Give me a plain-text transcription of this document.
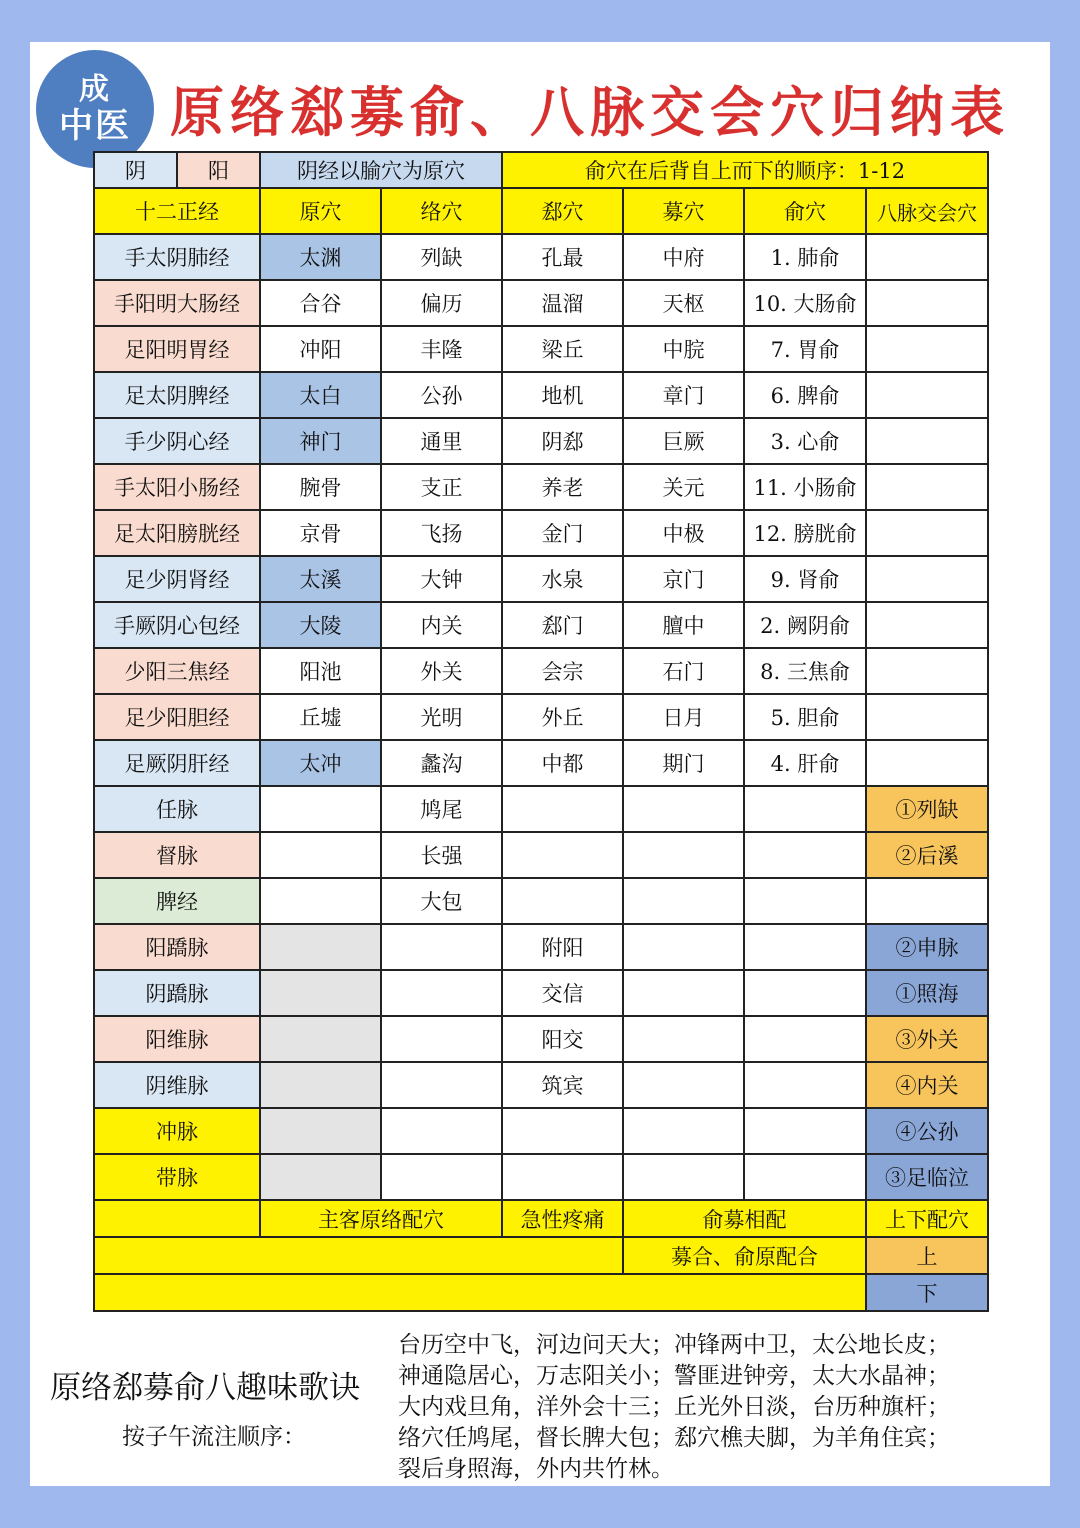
成
中医 原络郄募俞、八脉交会穴归纳表
阴	阳	阴经以腧穴为原穴		俞穴在后背自上而下的顺序：1-12			
十二正经		原穴	络穴	郄穴	募穴	俞穴	八脉交会穴
手太阴肺经		太渊	列缺	孔最	中府	1. 肺俞	
手阳明大肠经		合谷	偏历	温溜	天枢	10. 大肠俞	
足阳明胃经		冲阳	丰隆	梁丘	中脘	7. 胃俞	
足太阴脾经		太白	公孙	地机	章门	6. 脾俞	
手少阴心经		神门	通里	阴郄	巨厥	3. 心俞	
手太阳小肠经		腕骨	支正	养老	关元	11. 小肠俞	
足太阳膀胱经		京骨	飞扬	金门	中极	12. 膀胱俞	
足少阴肾经		太溪	大钟	水泉	京门	9. 肾俞	
手厥阴心包经		大陵	内关	郄门	膻中	2. 阙阴俞	
少阳三焦经		阳池	外关	会宗	石门	8. 三焦俞	
足少阳胆经		丘墟	光明	外丘	日月	5. 胆俞	
足厥阴肝经		太冲	蠡沟	中都	期门	4. 肝俞	
任脉			鸠尾				①列缺
督脉			长强				②后溪
脾经			大包				
阳蹻脉				附阳			②申脉
阴蹻脉				交信			①照海
阳维脉				阳交			③外关
阴维脉				筑宾			④内关
冲脉							④公孙
带脉							③足临泣
		主客原络配穴		急性疼痛	俞募相配		上下配穴
					募合、俞原配合		上
							下
原络郄募俞八趣味歌诀
按子午流注顺序：
台历空中飞，河边问天大；冲锋两中卫，太公地长皮；
神通隐居心，万志阳关小；警匪进钟旁，太大水晶神；
大内戏旦角，洋外会十三；丘光外日淡，台历种旗杆；
络穴任鸠尾，督长脾大包；郄穴樵夫脚，为羊角住宾；
裂后身照海，外内共竹林。
